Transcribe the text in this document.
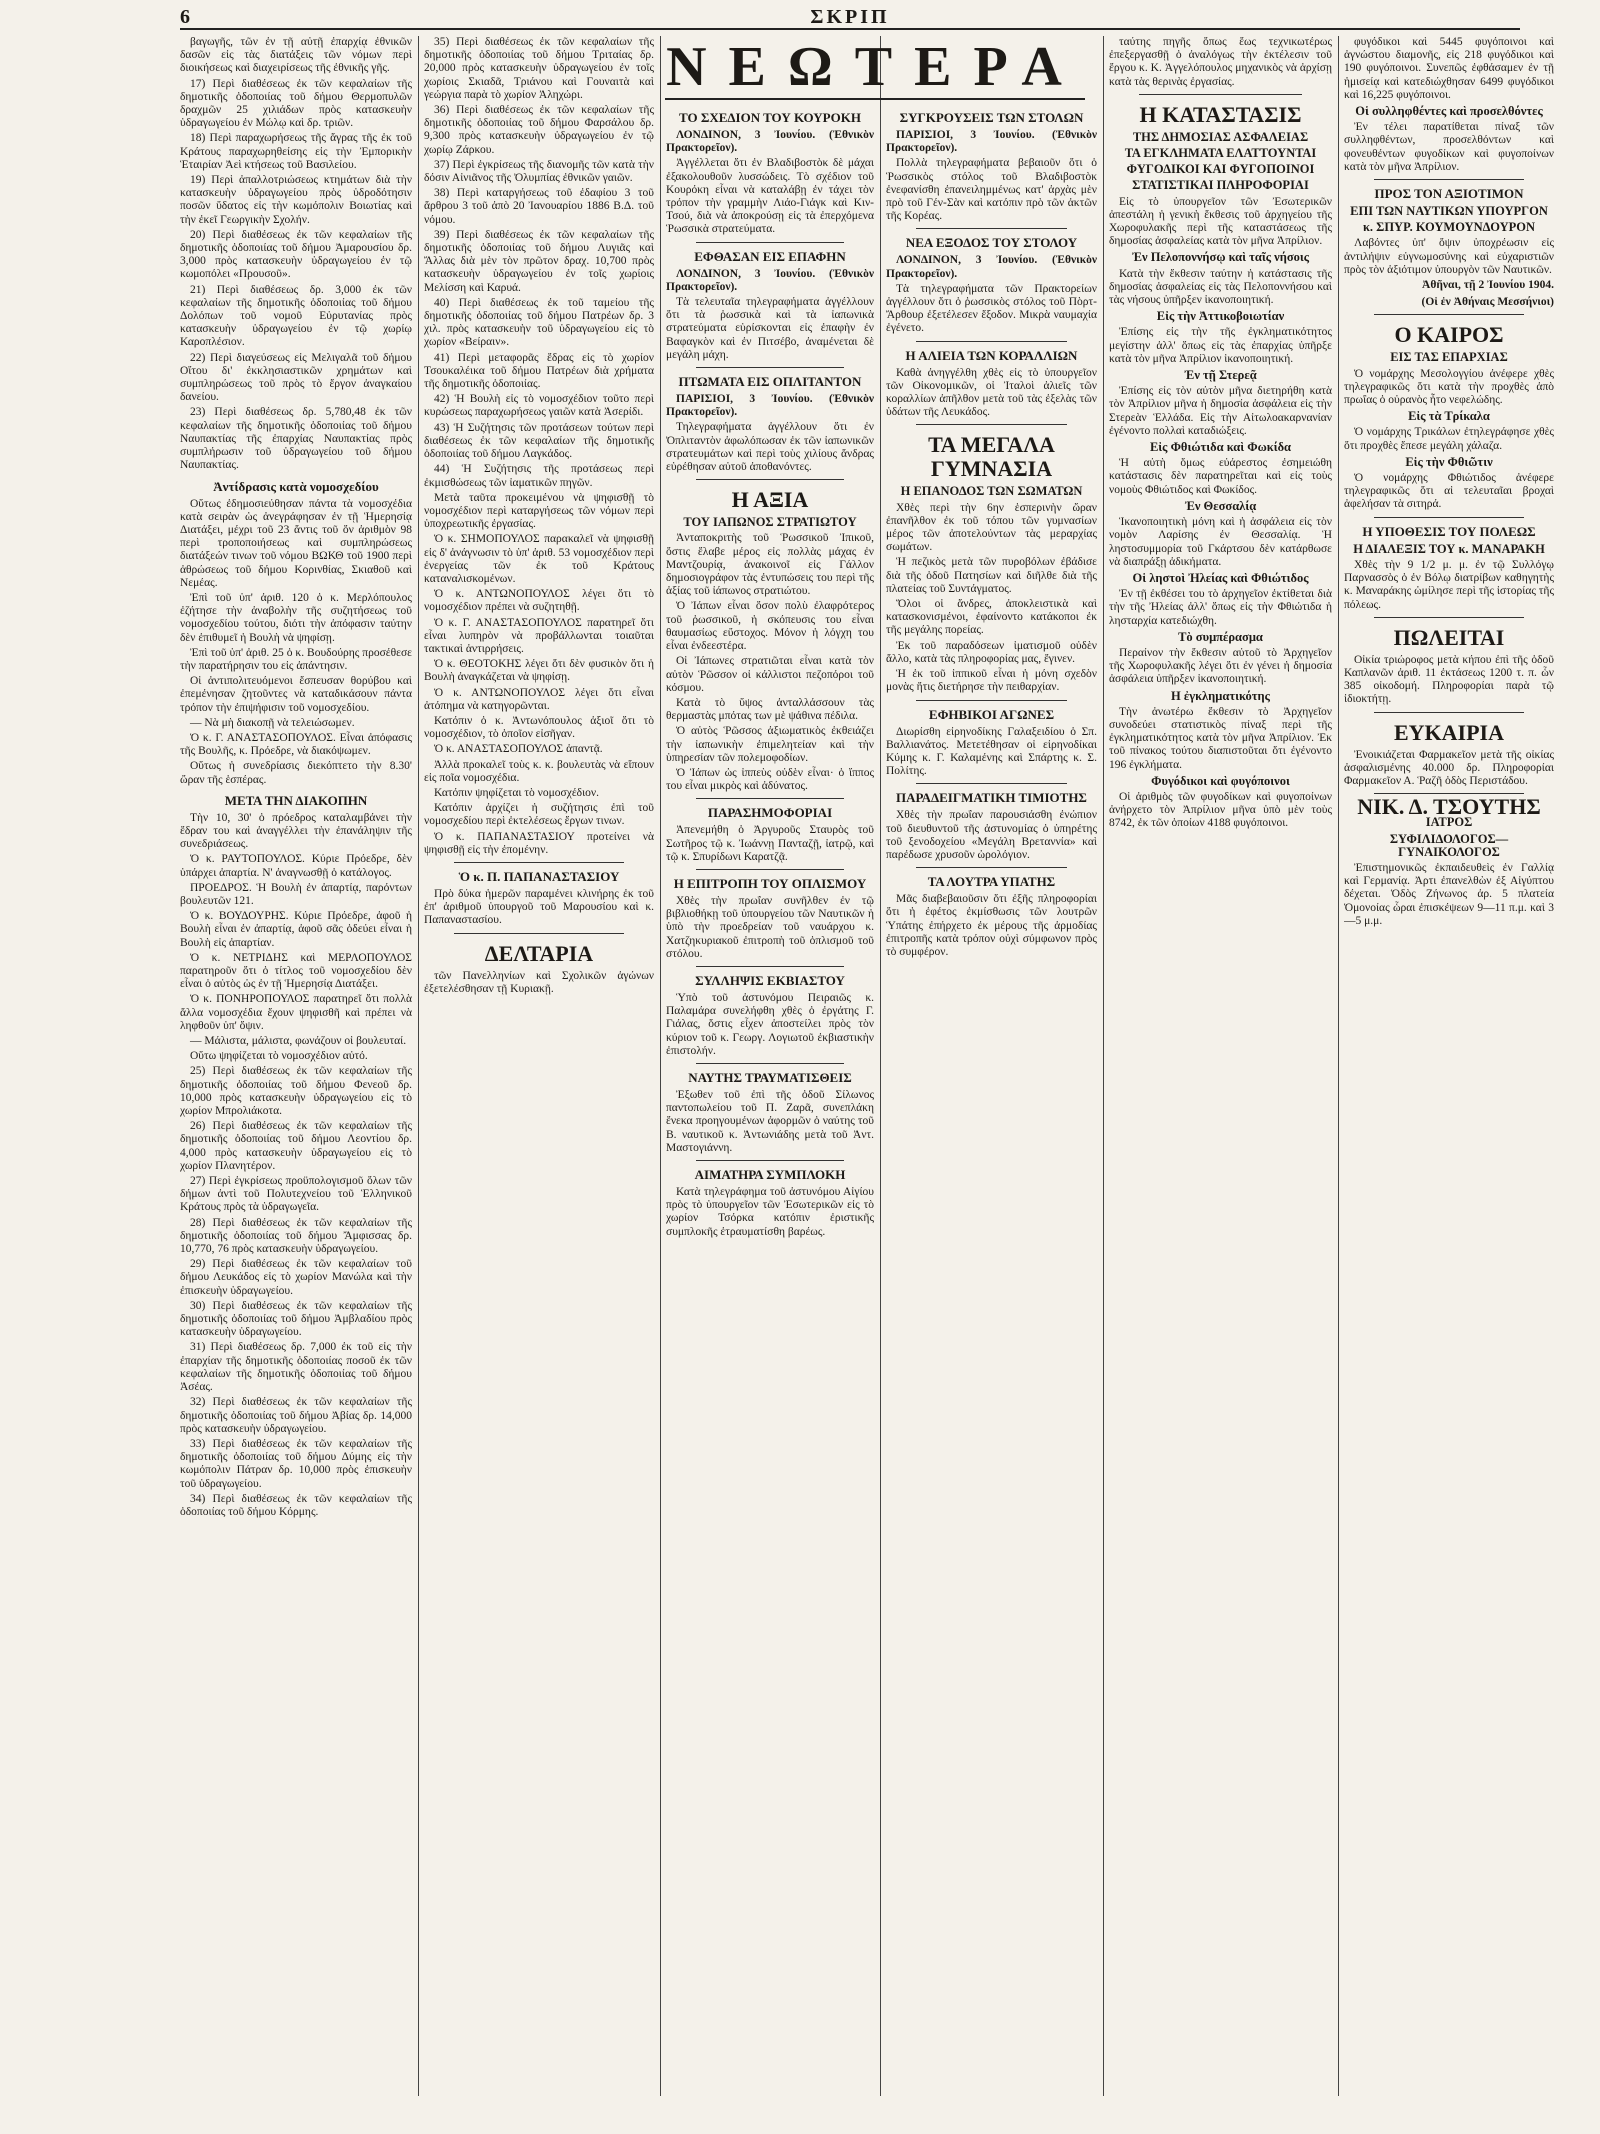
6	ΣΚΡΙΠ

βαγωγῆς, τῶν ἐν τῇ αὐτῇ ἐπαρχίᾳ ἐθνικῶν δασῶν εἰς τὰς διατάξεις τῶν νόμων περὶ διοικήσεως καὶ διαχειρίσεως τῆς ἐθνικῆς γῆς.

17) Περὶ διαθέσεως ἐκ τῶν κεφαλαίων τῆς δημοτικῆς ὁδοποιίας τοῦ δήμου Θερμοπυλῶν δραχμῶν 25 χιλιάδων πρὸς κατασκευὴν ὑδραγωγείου ἐν Μώλῳ καὶ δρ. τριῶν.

18) Περὶ παραχωρήσεως τῆς ἄγρας τῆς ἐκ τοῦ Κράτους παραχωρηθείσης εἰς τὴν Ἐμπορικὴν Ἑταιρίαν Ἀεὶ κτήσεως τοῦ Βασιλείου.

19) Περὶ ἀπαλλοτριώσεως κτημάτων διὰ τὴν κατασκευὴν ὑδραγωγείου πρὸς ὑδροδότησιν ποσῶν ὕδατος εἰς τὴν κωμόπολιν Βοιωτίας καὶ τὴν ἐκεῖ Γεωργικὴν Σχολήν.

20) Περὶ διαθέσεως ἐκ τῶν κεφαλαίων τῆς δημοτικῆς ὁδοποιίας τοῦ δήμου Ἀμαρουσίου δρ. 3,000 πρὸς κατασκευὴν ὑδραγωγείου ἐν τῷ κωμοπόλει «Προυσοῦ».

21) Περὶ διαθέσεως δρ. 3,000 ἐκ τῶν κεφαλαίων τῆς δημοτικῆς ὁδοποιίας τοῦ δήμου Δολόπων τοῦ νομοῦ Εὐρυτανίας πρὸς κατασκευὴν ὑδραγωγείου ἐν τῷ χωρίῳ Καροπλέσιον.

22) Περὶ διαγεύσεως εἰς Μελιγαλᾶ τοῦ δήμου Οἴτου δι' ἐκκλησιαστικῶν χρημάτων καὶ συμπληρώσεως τοῦ πρὸς τὸ ἔργον ἀναγκαίου δανείου.

23) Περὶ διαθέσεως δρ. 5,780,48 ἐκ τῶν κεφαλαίων τῆς δημοτικῆς ὁδοποιίας τοῦ δήμου Ναυπακτίας τῆς ἐπαρχίας Ναυπακτίας πρὸς συμπλήρωσιν τοῦ ὑδραγωγείου τοῦ δήμου Ναυπακτίας.

Ἀντίδρασις κατὰ νομοσχεδίου

Οὕτως ἐδημοσιεύθησαν πάντα τὰ νομοσχέδια κατὰ σειρὰν ὡς ἀνεγράφησαν ἐν τῇ Ἡμερησίᾳ Διατάξει, μέχρι τοῦ 23 ἄντις τοῦ ὅν ἀριθμὸν 98 περὶ τροποποιήσεως καὶ συμπληρώσεως διατάξεών τινων τοῦ νόμου ΒΩΚΘ τοῦ 1900 περὶ ἀθρώσεως τοῦ δήμου Κορινθίας, Σκιαθοῦ καὶ Νεμέας.

Ἐπὶ τοῦ ὑπ' ἀριθ. 120 ὁ κ. Μερλόπουλος ἐζήτησε τὴν ἀναβολὴν τῆς συζητήσεως τοῦ νομοσχεδίου τούτου, διότι τὴν ἀπόφασιν ταύτην δὲν ἐπιθυμεῖ ἡ Βουλὴ νὰ ψηφίσῃ.

Ἐπὶ τοῦ ὑπ' ἀριθ. 25 ὁ κ. Βουδούρης προσέθεσε τὴν παρατήρησιν του εἰς ἀπάντησιν.

Οἱ ἀντιπολιτευόμενοι ἔσπευσαν θορύβου καὶ ἐπεμένησαν ζητοῦντες νὰ καταδικάσουν πάντα τρόπον τὴν ἐπιψήφισιν τοῦ νομοσχεδίου.

— Νὰ μὴ διακοπῇ νὰ τελειώσωμεν.

Ὁ κ. Γ. ΑΝΑΣΤΑΣΟΠΟΥΛΟΣ. Εἶναι ἀπόφασις τῆς Βουλῆς, κ. Πρόεδρε, νὰ διακόψωμεν.

Οὕτως ἡ συνεδρίασις διεκόπτετο τὴν 8.30' ὥραν τῆς ἑσπέρας.

ΜΕΤΑ ΤΗΝ ΔΙΑΚΟΠΗΝ

Τὴν 10, 30' ὁ πρόεδρος καταλαμβάνει τὴν ἕδραν του καὶ ἀναγγέλλει τὴν ἐπανάληψιν τῆς συνεδριάσεως.

Ὁ κ. ΡΑΥΤΟΠΟΥΛΟΣ. Κύριε Πρόεδρε, δὲν ὑπάρχει ἀπαρτία. Ν' ἀναγνωσθῇ ὁ κατάλογος.

ΠΡΟΕΔΡΟΣ. Ἡ Βουλὴ ἐν ἀπαρτίᾳ, παρόντων βουλευτῶν 121.

Ὁ κ. ΒΟΥΔΟΥΡΗΣ. Κύριε Πρόεδρε, ἀφοῦ ἡ Βουλὴ εἶναι ἐν ἀπαρτίᾳ, ἀφοῦ σᾶς ὁδεύει εἶναι ἡ Βουλὴ εἰς ἀπαρτίαν.

Ὁ κ. ΝΕΤΡΙΔΗΣ καὶ ΜΕΡΛΟΠΟΥΛΟΣ παρατηροῦν ὅτι ὁ τίτλος τοῦ νομοσχεδίου δὲν εἶναι ὁ αὐτὸς ὡς ἐν τῇ Ἡμερησίᾳ Διατάξει.

Ὁ κ. ΠΟΝΗΡΟΠΟΥΛΟΣ παρατηρεῖ ὅτι πολλὰ ἄλλα νομοσχέδια ἔχουν ψηφισθῆ καὶ πρέπει νὰ ληφθοῦν ὑπ' ὄψιν.

— Μάλιστα, μάλιστα, φωνάζουν οἱ βουλευταί.

Οὕτω ψηφίζεται τὸ νομοσχέδιον αὐτό.

25) Περὶ διαθέσεως ἐκ τῶν κεφαλαίων τῆς δημοτικῆς ὁδοποιίας τοῦ δήμου Φενεοῦ δρ. 10,000 πρὸς κατασκευὴν ὑδραγωγείου εἰς τὸ χωρίον Μπρολιάκοτα.

26) Περὶ διαθέσεως ἐκ τῶν κεφαλαίων τῆς δημοτικῆς ὁδοποιίας τοῦ δήμου Λεοντίου δρ. 4,000 πρὸς κατασκευὴν ὑδραγωγείου εἰς τὸ χωρίον Πλανητέρον.

27) Περὶ ἐγκρίσεως προϋπολογισμοῦ ὅλων τῶν δήμων ἀντὶ τοῦ Πολυτεχνείου τοῦ Ἑλληνικοῦ Κράτους πρὸς τὰ ὑδραγωγεῖα.

28) Περὶ διαθέσεως ἐκ τῶν κεφαλαίων τῆς δημοτικῆς ὁδοποιίας τοῦ δήμου Ἄμφισσας δρ. 10,770, 76 πρὸς κατασκευὴν ὑδραγωγείου.

29) Περὶ διαθέσεως ἐκ τῶν κεφαλαίων τοῦ δήμου Λευκάδος εἰς τὸ χωρίον Μανώλα καὶ τὴν ἐπισκευὴν ὑδραγωγείου.

30) Περὶ διαθέσεως ἐκ τῶν κεφαλαίων τῆς δημοτικῆς ὁδοποιίας τοῦ δήμου Ἀμβλαδίου πρὸς κατασκευὴν ὑδραγωγείου.

31) Περὶ διαθέσεως δρ. 7,000 ἐκ τοῦ εἰς τὴν ἐπαρχίαν τῆς δημοτικῆς ὁδοποιίας ποσοῦ ἐκ τῶν κεφαλαίων τῆς δημοτικῆς ὁδοποιίας τοῦ δήμου Ἀσέας.

32) Περὶ διαθέσεως ἐκ τῶν κεφαλαίων τῆς δημοτικῆς ὁδοποιίας τοῦ δήμου Ἀβίας δρ. 14,000 πρὸς κατασκευὴν ὑδραγωγείου.

33) Περὶ διαθέσεως ἐκ τῶν κεφαλαίων τῆς δημοτικῆς ὁδοποιίας τοῦ δήμου Δύμης εἰς τὴν κωμόπολιν Πάτραν δρ. 10,000 πρὸς ἐπισκευὴν τοῦ ὑδραγωγείου.

34) Περὶ διαθέσεως ἐκ τῶν κεφαλαίων τῆς ὁδοποιίας τοῦ δήμου Κόρμης.

35) Περὶ διαθέσεως ἐκ τῶν κεφαλαίων τῆς δημοτικῆς ὁδοποιίας τοῦ δήμου Τριταίας δρ. 20,000 πρὸς κατασκευὴν ὑδραγωγείου ἐν τοῖς χωρίοις Σκιαδᾶ, Τριάνου καὶ Γουναιτὰ καὶ γεώργια παρὰ τὸ χωρίον Ἀληχώρι.

36) Περὶ διαθέσεως ἐκ τῶν κεφαλαίων τῆς δημοτικῆς ὁδοποιίας τοῦ δήμου Φαρσάλου δρ. 9,300 πρὸς κατασκευὴν ὑδραγωγείου ἐν τῷ χωρίῳ Ζάρκου.

37) Περὶ ἐγκρίσεως τῆς διανομῆς τῶν κατὰ τὴν δόσιν Αἰνιᾶνος τῆς Ὀλυμπίας ἐθνικῶν γαιῶν.

38) Περὶ καταργήσεως τοῦ ἐδαφίου 3 τοῦ ἄρθρου 3 τοῦ ἀπὸ 20 Ἰανουαρίου 1886 Β.Δ. τοῦ νόμου.

39) Περὶ διαθέσεως ἐκ τῶν κεφαλαίων τῆς δημοτικῆς ὁδοποιίας τοῦ δήμου Λυγιᾶς καὶ Ἄλλας διὰ μὲν τὸν πρῶτον δραχ. 10,700 πρὸς κατασκευὴν ὑδραγωγείου ἐν τοῖς χωρίοις Μελίσση καὶ Καρυά.

40) Περὶ διαθέσεως ἐκ τοῦ ταμείου τῆς δημοτικῆς ὁδοποιίας τοῦ δήμου Πατρέων δρ. 3 χιλ. πρὸς κατασκευὴν τοῦ ὑδραγωγείου εἰς τὸ χωρίον «Βείραιν».

41) Περὶ μεταφορᾶς ἕδρας εἰς τὸ χωρίον Τσουκαλέικα τοῦ δήμου Πατρέων διὰ χρήματα τῆς δημοτικῆς ὁδοποιίας.

42) Ἡ Βουλὴ εἰς τὸ νομοσχέδιον τοῦτο περὶ κυρώσεως παραχωρήσεως γαιῶν κατὰ Ἀσερίδι.

43) Ἡ Συζήτησις τῶν προτάσεων τούτων περὶ διαθέσεως ἐκ τῶν κεφαλαίων τῆς δημοτικῆς ὁδοποιίας τοῦ δήμου Λαγκάδος.

44) Ἡ Συζήτησις τῆς προτάσεως περὶ ἐκμισθώσεως τῶν ἰαματικῶν πηγῶν.

Μετὰ ταῦτα προκειμένου νὰ ψηφισθῇ τὸ νομοσχέδιον περὶ καταργήσεως τῶν νόμων περὶ ὑποχρεωτικῆς ἐργασίας.

Ὁ κ. ΣΗΜΟΠΟΥΛΟΣ παρακαλεῖ νὰ ψηφισθῇ εἰς δ' ἀνάγνωσιν τὸ ὑπ' ἀριθ. 53 νομοσχέδιον περὶ ἐνεργείας τῶν ἐκ τοῦ Κράτους καταναλισκομένων.

Ὁ κ. ΑΝΤΩΝΟΠΟΥΛΟΣ λέγει ὅτι τὸ νομοσχέδιον πρέπει νὰ συζητηθῇ.

Ὁ κ. Γ. ΑΝΑΣΤΑΣΟΠΟΥΛΟΣ παρατηρεῖ ὅτι εἶναι λυπηρὸν νὰ προβάλλωνται τοιαῦται τακτικαὶ ἀντιρρήσεις.

Ὁ κ. ΘΕΟΤΟΚΗΣ λέγει ὅτι δὲν φυσικὸν ὅτι ἡ Βουλὴ ἀναγκάζεται νὰ ψηφίσῃ.

Ὁ κ. ΑΝΤΩΝΟΠΟΥΛΟΣ λέγει ὅτι εἶναι ἀτόπημα νὰ κατηγορῶνται.

Κατόπιν ὁ κ. Ἀντωνόπουλος ἀξιοῖ ὅτι τὸ νομοσχέδιον, τὸ ὁποῖον εἰσῆγαν.

Ὁ κ. ΑΝΑΣΤΑΣΟΠΟΥΛΟΣ ἀπαντᾷ.

Ἀλλὰ προκαλεῖ τοὺς κ. κ. βουλευτὰς νὰ εἴπουν εἰς ποῖα νομοσχέδια.

Κατόπιν ψηφίζεται τὸ νομοσχέδιον.

Κατόπιν ἀρχίζει ἡ συζήτησις ἐπὶ τοῦ νομοσχεδίου περὶ ἐκτελέσεως ἔργων τινων.

Ὁ κ. ΠΑΠΑΝΑΣΤΑΣΙΟΥ προτείνει νὰ ψηφισθῇ εἰς τὴν ἐπομένην.

Ὁ κ. Π. ΠΑΠΑΝΑΣΤΑΣΙΟΥ

Πρὸ δύκα ἡμερῶν παραμένει κλινήρης ἐκ τοῦ ἐπ' ἀριθμοῦ ὑπουργοῦ τοῦ Μαρουσίου καὶ κ. Παπαναστασίου.

ΔΕΛΤΑΡΙΑ

τῶν Πανελληνίων καὶ Σχολικῶν ἀγώνων ἐξετελέσθησαν τῇ Κυριακῇ.

ΝΕΩΤΕΡΑ
ΤΟ ΣΧΕΔΙΟΝ ΤΟΥ ΚΟΥΡΟΚΗ

ΛΟΝΔΙΝΟΝ, 3 Ἰουνίου. (Ἐθνικὸν Πρακτορεῖον).

Ἀγγέλλεται ὅτι ἐν Βλαδιβοστὸκ δὲ μάχαι ἐξακολουθοῦν λυσσώδεις. Τὸ σχέδιον τοῦ Κουρόκη εἶναι νὰ καταλάβῃ ἐν τάχει τὸν τρόπον τὴν γραμμὴν Λιάο-Γιάγκ καὶ Κιν-Τσού, διὰ νὰ ἀποκρούσῃ εἰς τὰ ἐπερχόμενα Ῥωσσικὰ στρατεύματα.

ΕΦΘΑΣΑΝ ΕΙΣ ΕΠΑΦΗΝ

ΛΟΝΔΙΝΟΝ, 3 Ἰουνίου. (Ἐθνικὸν Πρακτορεῖον).

Τὰ τελευταῖα τηλεγραφήματα ἀγγέλλουν ὅτι τὰ ῥωσσικὰ καὶ τὰ ἰαπωνικὰ στρατεύματα εὑρίσκονται εἰς ἐπαφὴν ἐν Βαφαγκὸν καὶ ἐν Πιτσέβο, ἀναμένεται δὲ μεγάλη μάχη.

ΠΤΩΜΑΤΑ ΕΙΣ ΟΠΛΙΤΑΝΤΟΝ

ΠΑΡΙΣΙΟΙ, 3 Ἰουνίου. (Ἐθνικὸν Πρακτορεῖον).

Τηλεγραφήματα ἀγγέλλουν ὅτι ἐν Ὀπλιταντὸν ἀφωλόπωσαν ἐκ τῶν ἰαπωνικῶν στρατευμάτων καὶ περὶ τοὺς χιλίους ἄνδρας εὑρέθησαν αὐτοῦ ἀποθανόντες.

Η ΑΞΙΑ
ΤΟΥ ΙΑΠΩΝΟΣ ΣΤΡΑΤΙΩΤΟΥ

Ἀνταποκριτὴς τοῦ Ῥωσσικοῦ Ἰπικοῦ, ὅστις ἔλαβε μέρος εἰς πολλὰς μάχας ἐν Μαντζουρίᾳ, ἀνακοινοῖ εἰς Γάλλον δημοσιογράφον τὰς ἐντυπώσεις του περὶ τῆς ἀξίας τοῦ ἰάπωνος στρατιώτου.

Ὁ Ἰάπων εἶναι ὅσον πολὺ ἐλαφρότερος τοῦ ῥωσσικοῦ, ἡ σκόπευσις του εἶναι θαυμασίως εὔστοχος. Μόνον ἡ λόγχη του εἶναι ἐνδεεστέρα.

Οἱ Ἰάπωνες στρατιῶται εἶναι κατὰ τὸν αὐτὸν Ῥῶσσον οἱ κάλλιστοι πεζοπόροι τοῦ κόσμου.

Κατὰ τὸ ὕψος ἀνταλλάσσουν τὰς θερμαστὰς μπότας των μὲ ψάθινα πέδιλα.

Ὁ αὐτὸς Ῥῶσσος ἀξιωματικὸς ἐκθειάζει τὴν ἰαπωνικὴν ἐπιμελητείαν καὶ τὴν ὑπηρεσίαν τῶν πολεμοφοδίων.

Ὁ Ἰάπων ὡς ἱππεὺς οὐδὲν εἶναι· ὁ ἵππος του εἶναι μικρὸς καὶ ἀδύνατος.

ΠΑΡΑΣΗΜΟΦΟΡΙΑΙ

Ἀπενεμήθη ὁ Ἀργυροῦς Σταυρὸς τοῦ Σωτῆρος τῷ κ. Ἰωάννῃ Πανταζῇ, ἰατρῷ, καὶ τῷ κ. Σπυρίδωνι Καρατζᾷ.

Η ΕΠΙΤΡΟΠΗ ΤΟΥ ΟΠΛΙΣΜΟΥ

Χθὲς τὴν πρωΐαν συνῆλθεν ἐν τῷ βιβλιοθήκῃ τοῦ ὑπουργείου τῶν Ναυτικῶν ἡ ὑπὸ τὴν προεδρείαν τοῦ ναυάρχου κ. Χατζηκυριακοῦ ἐπιτροπὴ τοῦ ὁπλισμοῦ τοῦ στόλου.

ΣΥΛΛΗΨΙΣ ΕΚΒΙΑΣΤΟΥ

Ὑπὸ τοῦ ἀστυνόμου Πειραιῶς κ. Παλαμάρα συνελήφθη χθὲς ὁ ἐργάτης Γ. Γιάλας, ὅστις εἶχεν ἀποστείλει πρὸς τὸν κύριον τοῦ κ. Γεωργ. Λογιωτοῦ ἐκβιαστικὴν ἐπιστολήν.

ΝΑΥΤΗΣ ΤΡΑΥΜΑΤΙΣΘΕΙΣ

Ἐξωθεν τοῦ ἐπὶ τῆς ὁδοῦ Σίλωνος παντοπωλείου τοῦ Π. Ζαρᾶ, συνεπλάκη ἕνεκα προηγουμένων ἀφορμῶν ὁ ναύτης τοῦ Β. ναυτικοῦ κ. Ἀντωνιάδης μετὰ τοῦ Ἀντ. Μαστογιάννη.

ΑΙΜΑΤΗΡΑ ΣΥΜΠΛΟΚΗ

Κατὰ τηλεγράφημα τοῦ ἀστυνόμου Αἰγίου πρὸς τὸ ὑπουργεῖον τῶν Ἐσωτερικῶν εἰς τὸ χωρίον Τσόρκα κατόπιν ἐριστικῆς συμπλοκῆς ἐτραυματίσθη βαρέως.

ΣΥΓΚΡΟΥΣΕΙΣ ΤΩΝ ΣΤΟΛΩΝ

ΠΑΡΙΣΙΟΙ, 3 Ἰουνίου. (Ἐθνικὸν Πρακτορεῖον).

Πολλὰ τηλεγραφήματα βεβαιοῦν ὅτι ὁ Ῥωσσικὸς στόλος τοῦ Βλαδιβοστὸκ ἐνεφανίσθη ἐπανειλημμένως κατ' ἀρχὰς μὲν πρὸ τοῦ Γέν-Σὰν καὶ κατόπιν πρὸ τῶν ἀκτῶν τῆς Κορέας.

ΝΕΑ ΕΞΟΔΟΣ ΤΟΥ ΣΤΟΛΟΥ

ΛΟΝΔΙΝΟΝ, 3 Ἰουνίου. (Ἐθνικὸν Πρακτορεῖον).

Τὰ τηλεγραφήματα τῶν Πρακτορείων ἀγγέλλουν ὅτι ὁ ῥωσσικὸς στόλος τοῦ Πὸρτ-Ἄρθουρ ἐξετέλεσεν ἔξοδον. Μικρὰ ναυμαχία ἐγένετο.

Η ΑΛΙΕΙΑ ΤΩΝ ΚΟΡΑΛΛΙΩΝ

Καθὰ ἀνηγγέλθη χθὲς εἰς τὸ ὑπουργεῖον τῶν Οἰκονομικῶν, οἱ Ἰταλοὶ ἁλιεῖς τῶν κοραλλίων ἀπῆλθον μετὰ τοῦ τὰς ἐξελὰς τῶν ὑδάτων τῆς Λευκάδος.

ΤΑ ΜΕΓΑΛΑ ΓΥΜΝΑΣΙΑ
Η ΕΠΑΝΟΔΟΣ ΤΩΝ ΣΩΜΑΤΩΝ

Χθὲς περὶ τὴν 6ην ἑσπερινὴν ὥραν ἐπανῆλθον ἐκ τοῦ τόπου τῶν γυμνασίων μέρος τῶν ἀποτελούντων τὰς μεραρχίας σωμάτων.

Ἡ πεζικὸς μετὰ τῶν πυροβόλων ἐβάδισε διὰ τῆς ὁδοῦ Πατησίων καὶ διῆλθε διὰ τῆς πλατείας τοῦ Συντάγματος.

Ὅλοι οἱ ἄνδρες, ἀποκλειστικὰ καὶ κατασκονισμένοι, ἐφαίνοντο κατάκοποι ἐκ τῆς μεγάλης πορείας.

Ἐκ τοῦ παραδόσεων ἱματισμοῦ οὐδὲν ἄλλο, κατὰ τὰς πληροφορίας μας, ἔγινεν.

Ἡ ἐκ τοῦ ἱππικοῦ εἶναι ἡ μόνη σχεδὸν μονὰς ἥτις διετήρησε τὴν πειθαρχίαν.

ΕΦΗΒΙΚΟΙ ΑΓΩΝΕΣ

Διωρίσθη εἰρηνοδίκης Γαλαξειδίου ὁ Σπ. Βαλλιανάτος. Μετετέθησαν οἱ εἰρηνοδίκαι Κύμης κ. Γ. Καλαμένης καὶ Σπάρτης κ. Σ. Πολίτης.

ΠΑΡΑΔΕΙΓΜΑΤΙΚΗ ΤΙΜΙΟΤΗΣ

Χθὲς τὴν πρωΐαν παρουσιάσθη ἐνώπιον τοῦ διευθυντοῦ τῆς ἀστυνομίας ὁ ὑπηρέτης τοῦ ξενοδοχείου «Μεγάλη Βρεταννία» καὶ παρέδωσε χρυσοῦν ὡρολόγιον.

ΤΑ ΛΟΥΤΡΑ ΥΠΑΤΗΣ

Μᾶς διαβεβαιοῦσιν ὅτι ἐξῆς πληροφορίαι ὅτι ἡ ἐφέτος ἐκμίσθωσις τῶν λουτρῶν Ὑπάτης ἐπήρχετο ἐκ μέρους τῆς ἀρμοδίας ἐπιτροπῆς κατὰ τρόπον οὐχὶ σύμφωνον πρὸς τὸ συμφέρον.

ταύτης πηγῆς ὅπως ἕως τεχνικωτέρως ἐπεξεργασθῇ ὁ ἀναλόγως τὴν ἐκτέλεσιν τοῦ ἔργου κ. Κ. Ἀγγελόπουλος μηχανικὸς νὰ ἀρχίσῃ κατὰ τὰς θερινὰς ἐργασίας.

Η ΚΑΤΑΣΤΑΣΙΣ
ΤΗΣ ΔΗΜΟΣΙΑΣ ΑΣΦΑΛΕΙΑΣ
ΤΑ ΕΓΚΛΗΜΑΤΑ ΕΛΑΤΤΟΥΝΤΑΙ
ΦΥΓΟΔΙΚΟΙ ΚΑΙ ΦΥΓΟΠΟΙΝΟΙ
ΣΤΑΤΙΣΤΙΚΑΙ ΠΛΗΡΟΦΟΡΙΑΙ

Εἰς τὸ ὑπουργεῖον τῶν Ἐσωτερικῶν ἀπεστάλη ἡ γενικὴ ἔκθεσις τοῦ ἀρχηγείου τῆς Χωροφυλακῆς περὶ τῆς καταστάσεως τῆς δημοσίας ἀσφαλείας κατὰ τὸν μῆνα Ἀπρίλιον.

Ἐν Πελοποννήσῳ καὶ ταῖς νήσοις

Κατὰ τὴν ἔκθεσιν ταύτην ἡ κατάστασις τῆς δημοσίας ἀσφαλείας εἰς τὰς Πελοποννήσου καὶ τὰς νήσους ὑπῆρξεν ἱκανοποιητική.

Εἰς τὴν Ἀττικοβοιωτίαν

Ἐπίσης εἰς τὴν τῆς ἐγκληματικότητος μεγίστην ἀλλ' ὅπως εἰς τὰς ἐπαρχίας ὑπῆρξε κατὰ τὸν μῆνα Ἀπρίλιον ἱκανοποιητική.

Ἐν τῇ Στερεᾷ

Ἐπίσης εἰς τὸν αὐτὸν μῆνα διετηρήθη κατὰ τὸν Ἀπρίλιον μῆνα ἡ δημοσία ἀσφάλεια εἰς τὴν Στερεὰν Ἑλλάδα. Εἰς τὴν Αἰτωλοακαρνανίαν ἐγένοντο πολλαὶ καταδιώξεις.

Εἰς Φθιώτιδα καὶ Φωκίδα

Ἡ αὐτὴ ὅμως εὐάρεστος ἐσημειώθη κατάστασις δὲν παρατηρεῖται καὶ εἰς τοὺς νομοὺς Φθιώτιδος καὶ Φωκίδος.

Ἐν Θεσσαλίᾳ

Ἱκανοποιητικὴ μόνη καὶ ἡ ἀσφάλεια εἰς τὸν νομὸν Λαρίσης ἐν Θεσσαλίᾳ. Ἡ ληστοσυμμορία τοῦ Γκάρτσου δὲν κατάρθωσε νὰ διαπράξῃ ἀδικήματα.

Οἱ ληστοὶ Ἠλείας καὶ Φθιώτιδος

Ἐν τῇ ἐκθέσει του τὸ ἀρχηγεῖον ἐκτίθεται διὰ τὴν τῆς Ἠλείας ἀλλ' ὅπως εἰς τὴν Φθιώτιδα ἡ λησταρχία κατεδιώχθη.

Τὸ συμπέρασμα

Περαίνον τὴν ἔκθεσιν αὐτοῦ τὸ Ἀρχηγεῖον τῆς Χωροφυλακῆς λέγει ὅτι ἐν γένει ἡ δημοσία ἀσφάλεια ὑπῆρξεν ἱκανοποιητική.

Η ἐγκληματικότης

Τὴν ἀνωτέρω ἔκθεσιν τὸ Ἀρχηγεῖον συνοδεύει στατιστικὸς πίναξ περὶ τῆς ἐγκληματικότητος κατὰ τὸν μῆνα Ἀπρίλιον. Ἐκ τοῦ πίνακος τούτου διαπιστοῦται ὅτι ἐγένοντο 196 ἐγκλήματα.

Φυγόδικοι καὶ φυγόποινοι

Οἱ ἀριθμὸς τῶν φυγοδίκων καὶ φυγοποίνων ἀνήρχετο τὸν Ἀπρίλιον μῆνα ὑπὸ μὲν τοὺς 8742, ἐκ τῶν ὁποίων 4188 φυγόποινοι.

φυγόδικοι καὶ 5445 φυγόποινοι καὶ ἀγνώστου διαμονῆς, εἰς 218 φυγόδικοι καὶ 190 φυγόποινοι. Συνεπῶς ἐφθάσαμεν ἐν τῇ ἡμισείᾳ καὶ κατεδιώχθησαν 6499 φυγόδικοι καὶ 16,225 φυγόποινοι.

Οἱ συλληφθέντες καὶ προσελθόντες

Ἐν τέλει παρατίθεται πίναξ τῶν συλληφθέντων, προσελθόντων καὶ φονευθέντων φυγοδίκων καὶ φυγοποίνων κατὰ τὸν μῆνα Ἀπρίλιον.

ΠΡΟΣ ΤΟΝ ΑΞΙΟΤΙΜΟΝ
ΕΠΙ ΤΩΝ ΝΑΥΤΙΚΩΝ ΥΠΟΥΡΓΟΝ
κ. ΣΠΥΡ. ΚΟΥΜΟΥΝΔΟΥΡΟΝ

Λαβόντες ὑπ' ὄψιν ὑποχρέωσιν εἰς ἀντιλήψιν εὐγνωμοσύνης καὶ εὐχαριστιῶν πρὸς τὸν ἀξιότιμον ὑπουργὸν τῶν Ναυτικῶν.

Ἀθῆναι, τῇ 2 Ἰουνίου 1904.
(Οἱ ἐν Ἀθήναις Μεσσήνιοι)
Ο ΚΑΙΡΟΣ
ΕΙΣ ΤΑΣ ΕΠΑΡΧΙΑΣ

Ὁ νομάρχης Μεσολογγίου ἀνέφερε χθὲς τηλεγραφικῶς ὅτι κατὰ τὴν προχθὲς ἀπὸ πρωΐας ὁ οὐρανὸς ἦτο νεφελώδης.

Εἰς τὰ Τρίκαλα

Ὁ νομάρχης Τρικάλων ἐτηλεγράφησε χθὲς ὅτι προχθὲς ἔπεσε μεγάλη χάλαζα.

Εἰς τὴν Φθιῶτιν

Ὁ νομάρχης Φθιώτιδος ἀνέφερε τηλεγραφικῶς ὅτι αἱ τελευταῖαι βροχαὶ ἀφελήσαν τὰ σιτηρά.

Η ΥΠΟΘΕΣΙΣ ΤΟΥ ΠΟΛΕΩΣ
Η ΔΙΑΛΕΞΙΣ ΤΟΥ κ. ΜΑΝΑΡΑΚΗ

Χθὲς τὴν 9 1/2 μ. μ. ἐν τῷ Συλλόγῳ Παρνασσὸς ὁ ἐν Βόλῳ διατρίβων καθηγητὴς κ. Μαναράκης ὡμίλησε περὶ τῆς ἱστορίας τῆς πόλεως.

ΠΩΛΕΙΤΑΙ

Οἰκία τριώροφος μετὰ κήπου ἐπὶ τῆς ὁδοῦ Καπλανῶν ἀριθ. 11 ἐκτάσεως 1200 τ. π. ὧν 385 οἰκοδομή. Πληροφορίαι παρὰ τῷ ἰδιοκτήτῃ.

ΕΥΚΑΙΡΙΑ

Ἐνοικιάζεται Φαρμακεῖον μετὰ τῆς οἰκίας ἀσφαλισμένης 40.000 δρ. Πληροφορίαι Φαρμακεῖον Α. Ῥαζῆ ὁδὸς Περιστάδου.

ΝΙΚ. Δ. ΤΣΟΥΤΗΣ
ΙΑΤΡΟΣ
ΣΥΦΙΛΙΔΟΛΟΓΟΣ—ΓΥΝΑΙΚΟΛΟΓΟΣ

Ἐπιστημονικῶς ἐκπαιδευθεὶς ἐν Γαλλίᾳ καὶ Γερμανίᾳ. Ἀρτι ἐπανελθὼν ἐξ Αἰγύπτου δέχεται. Ὁδὸς Ζήνωνος ἀρ. 5 πλατεία Ὁμονοίας ὧραι ἐπισκέψεων 9—11 π.μ. καὶ 3—5 μ.μ.
